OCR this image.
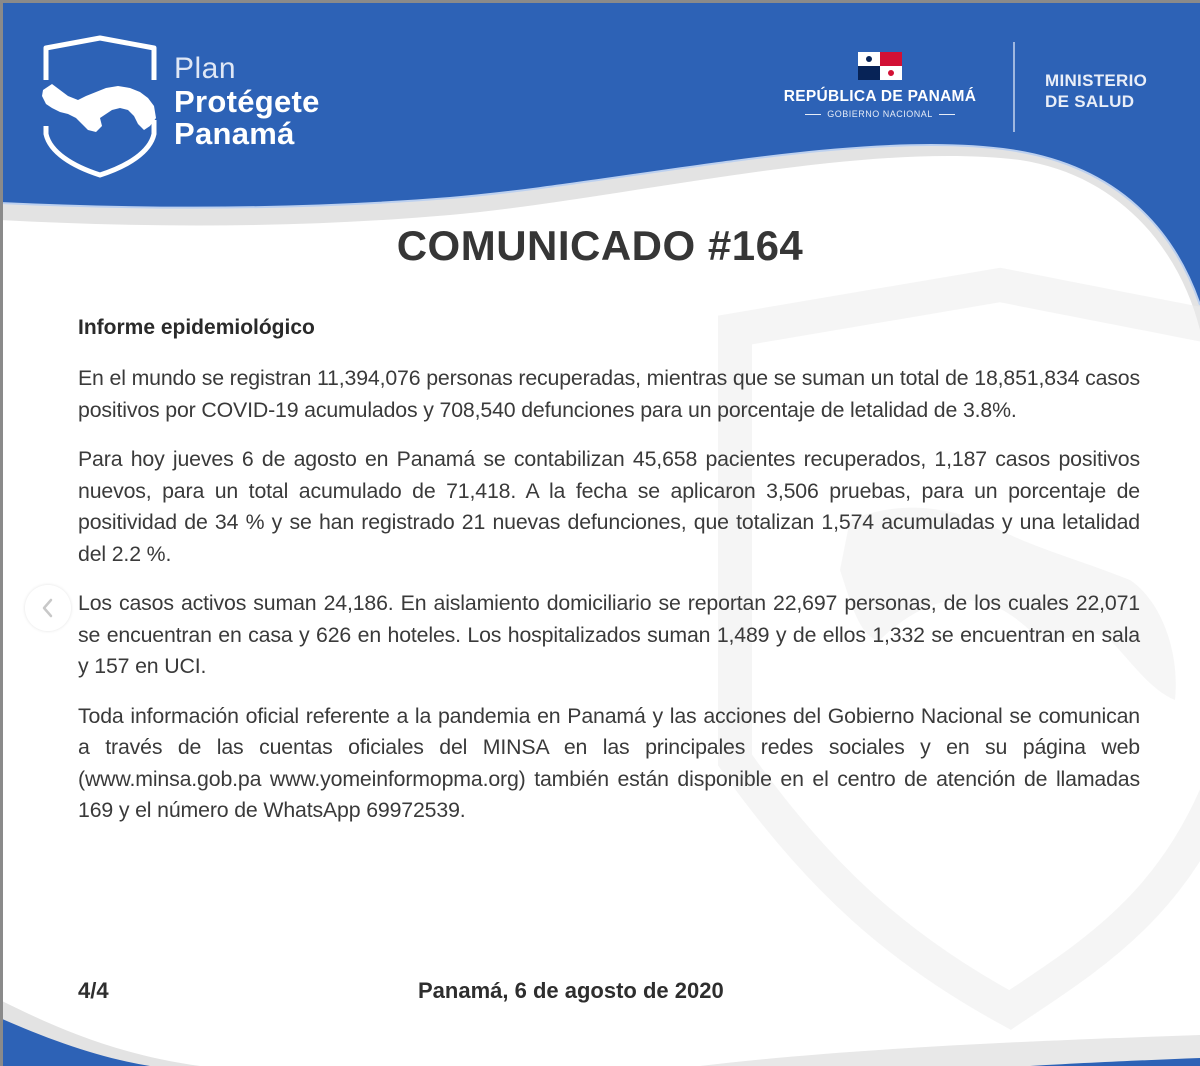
Plan
Protégete
Panamá
REPÚBLICA DE PANAMÁ
GOBIERNO NACIONAL
MINISTERIO
DE SALUD
COMUNICADO #164
Informe epidemiológico

En el mundo se registran 11,394,076 personas recuperadas, mientras que se suman un total de 18,851,834 casos positivos por COVID-19 acumulados y 708,540 defunciones para un porcentaje de letalidad de 3.8%.

Para hoy jueves 6 de agosto en Panamá se contabilizan 45,658 pacientes recuperados, 1,187 casos positivos nuevos, para un total acumulado de 71,418. A la fecha se aplicaron 3,506 pruebas, para un porcentaje de positividad de 34 % y se han registrado 21 nuevas defunciones, que totalizan 1,574 acumuladas y una letalidad del 2.2 %.

Los casos activos suman 24,186. En aislamiento domiciliario se reportan 22,697 personas, de los cuales 22,071 se encuentran en casa y 626 en hoteles. Los hospitalizados suman 1,489 y de ellos 1,332 se encuentran en sala y 157 en UCI.

Toda información oficial referente a la pandemia en Panamá y las acciones del Gobierno Nacional se comunican a través de las cuentas oficiales del MINSA en las principales redes sociales y en su página web (www.minsa.gob.pa www.yomeinformopma.org) también están disponible en el centro de atención de llamadas 169 y el número de WhatsApp 69972539.

4/4	Panamá, 6 de agosto de 2020
